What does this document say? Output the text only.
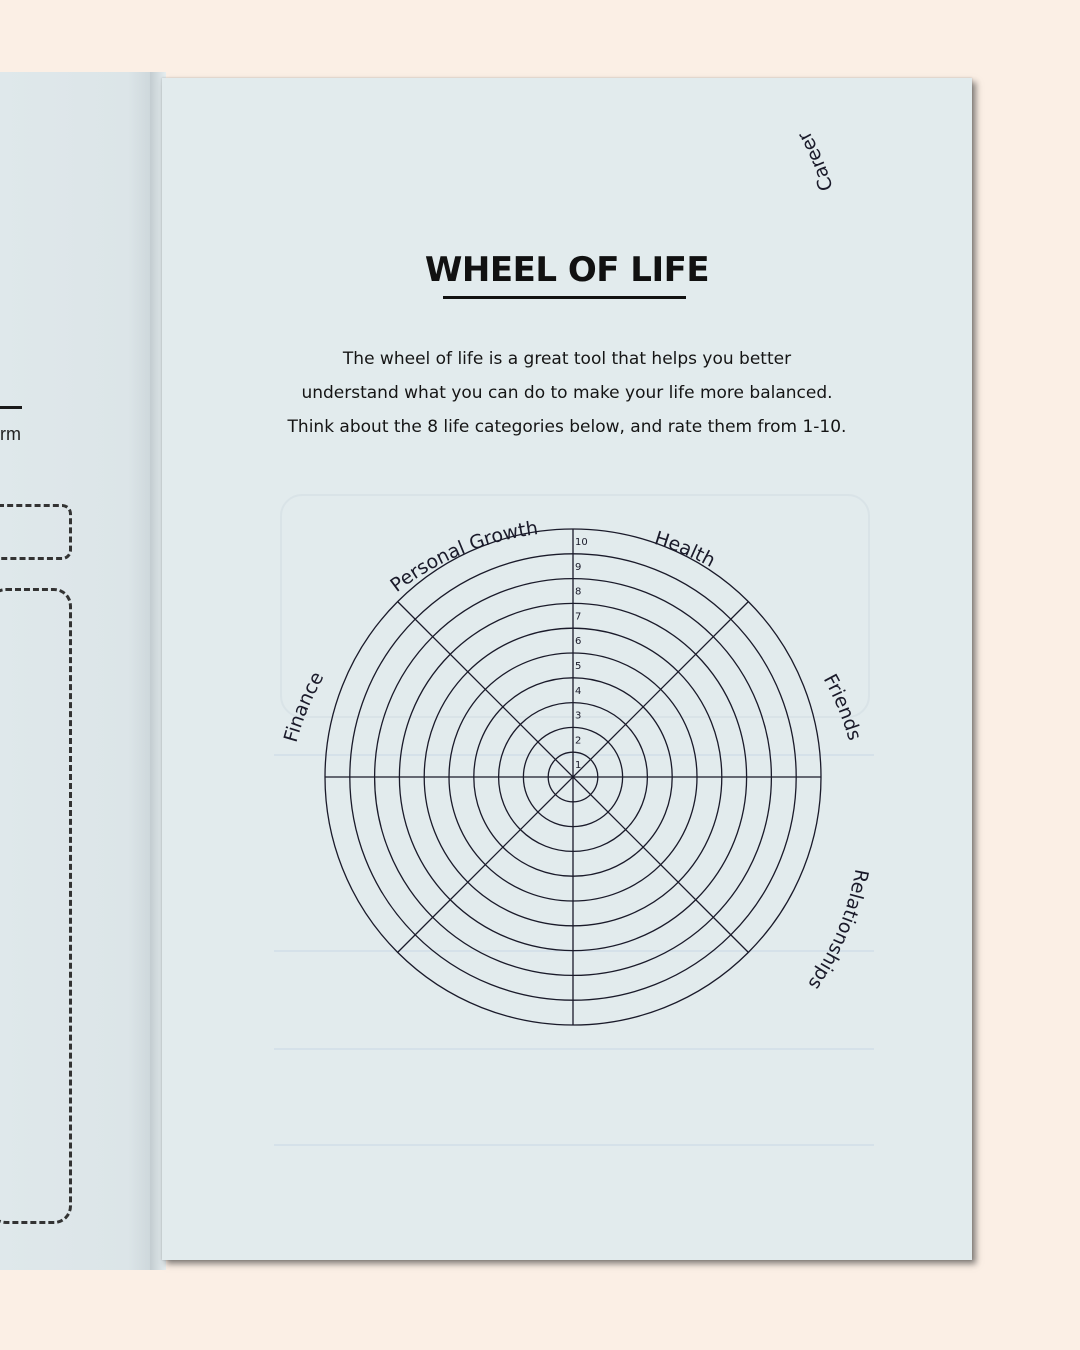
rm
WHEEL OF LIFE
The wheel of life is a great tool that helps you better
understand what you can do to make your life more balanced.
Think about the 8 life categories below, and rate them from 1-10.
1
2
3
4
5
6
7
8
9
10	Health
Friends
Relationships
Career
Finance
Personal Growth
